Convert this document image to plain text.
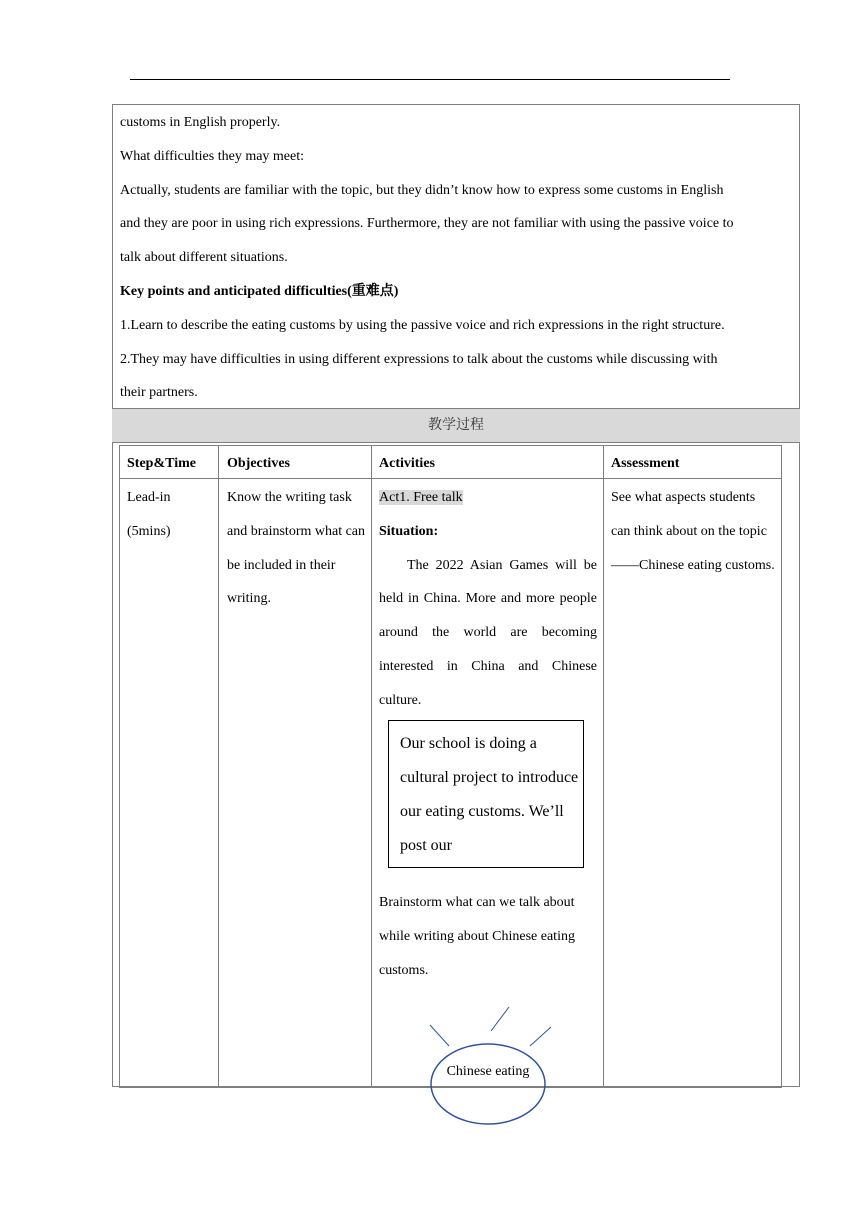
customs in English properly.

What difficulties they may meet:

Actually, students are familiar with the topic, but they didn’t know how to express some customs in English

and they are poor in using rich expressions. Furthermore, they are not familiar with using the passive voice to

talk about different situations.

Key points and anticipated difficulties(重难点)

1.Learn to describe the eating customs by using the passive voice and rich expressions in the right structure.

2.They may have difficulties in using different expressions to talk about the customs while discussing with

their partners.

教学过程
Step&Time Objectives	Activities	Assessment
Lead-in
(5mins)
Know the writing task and brainstorm what can be included in their writing.
Act1. Free talk
Situation:
The 2022 Asian Games will be held in China. More and more people around the world are becoming interested in China and Chinese culture.
Brainstorm what can we talk about while writing about Chinese eating customs.
See what aspects students can think about on the topic——Chinese eating customs.
Our school is doing a cultural project to introduce our eating customs. We’ll post our
Chinese eating
